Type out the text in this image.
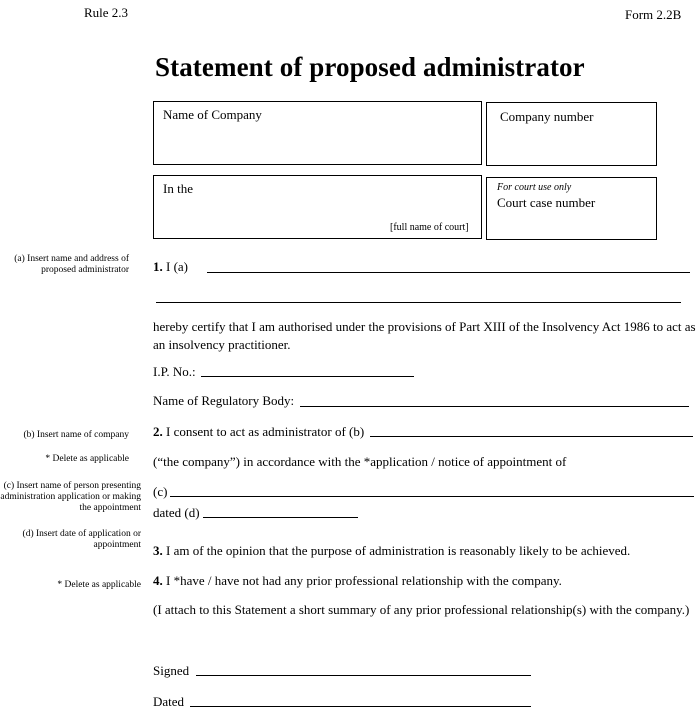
Rule 2.3	Form 2.2B
Statement of proposed administrator
Name of Company	Company number
In the
[full name of court]
For court use only
Court case number
(a) Insert name and address of proposed administrator
(b) Insert name of company
* Delete as applicable
(c) Insert name of person presenting administration application or making the appointment
(d) Insert date of application or appointment
* Delete as applicable
1. I (a)
hereby certify that I am authorised under the provisions of Part XIII of the Insolvency Act 1986 to act as an insolvency practitioner.
I.P. No.:
Name of Regulatory Body:
2. I consent to act as administrator of (b)
(“the company”) in accordance with the *application / notice of appointment of
(c)
dated (d)
3. I am of the opinion that the purpose of administration is reasonably likely to be achieved.
4. I *have / have not had any prior professional relationship with the company.
(I attach to this Statement a short summary of any prior professional relationship(s) with the company.)
Signed
Dated
